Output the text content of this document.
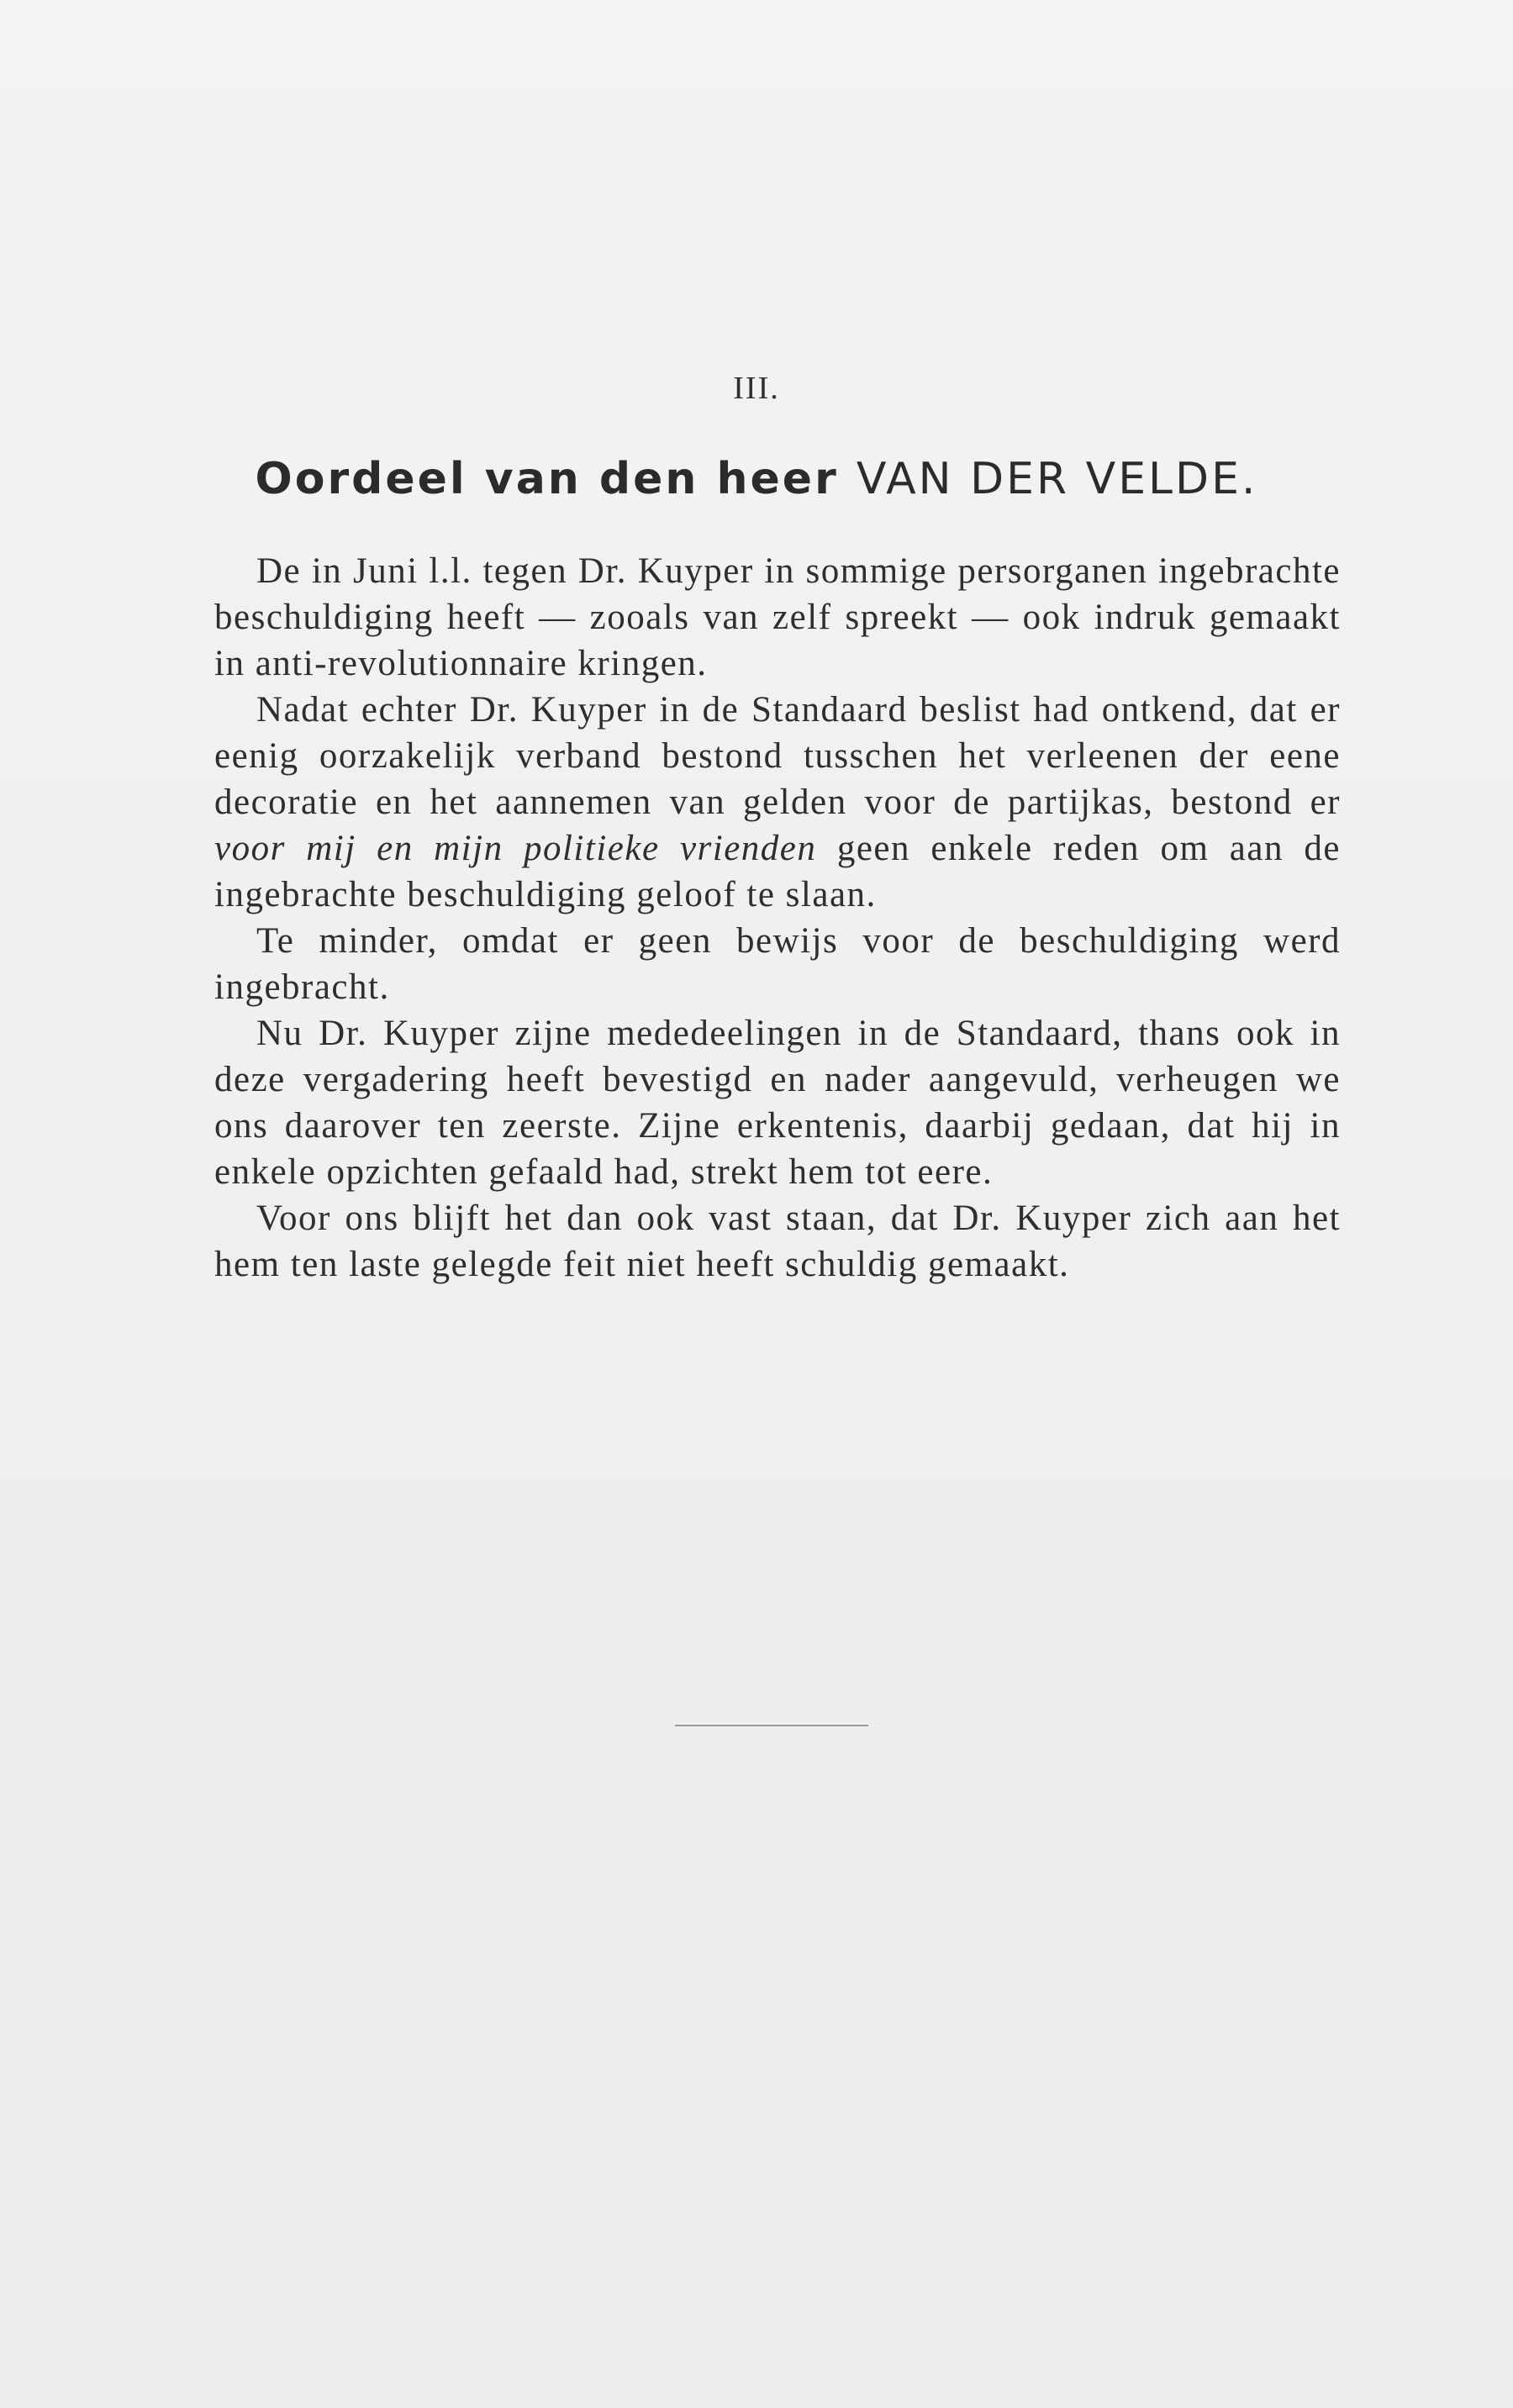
III.
Oordeel van den heer VAN DER VELDE.

De in Juni l.l. tegen Dr. Kuyper in sommige persorganen ingebrachte beschuldiging heeft — zooals van zelf spreekt — ook indruk gemaakt in anti-revolutionnaire kringen.

Nadat echter Dr. Kuyper in de Standaard beslist had ontkend, dat er eenig oorzakelijk verband bestond tusschen het verleenen der eene decoratie en het aannemen van gelden voor de partijkas, bestond er voor mij en mijn politieke vrienden geen enkele reden om aan de ingebrachte beschuldiging geloof te slaan.

Te minder, omdat er geen bewijs voor de beschuldiging werd ingebracht.

Nu Dr. Kuyper zijne mededeelingen in de Standaard, thans ook in deze vergadering heeft bevestigd en nader aangevuld, verheugen we ons daarover ten zeerste. Zijne erkentenis, daarbij gedaan, dat hij in enkele opzichten gefaald had, strekt hem tot eere.

Voor ons blijft het dan ook vast staan, dat Dr. Kuyper zich aan het hem ten laste gelegde feit niet heeft schuldig gemaakt.
